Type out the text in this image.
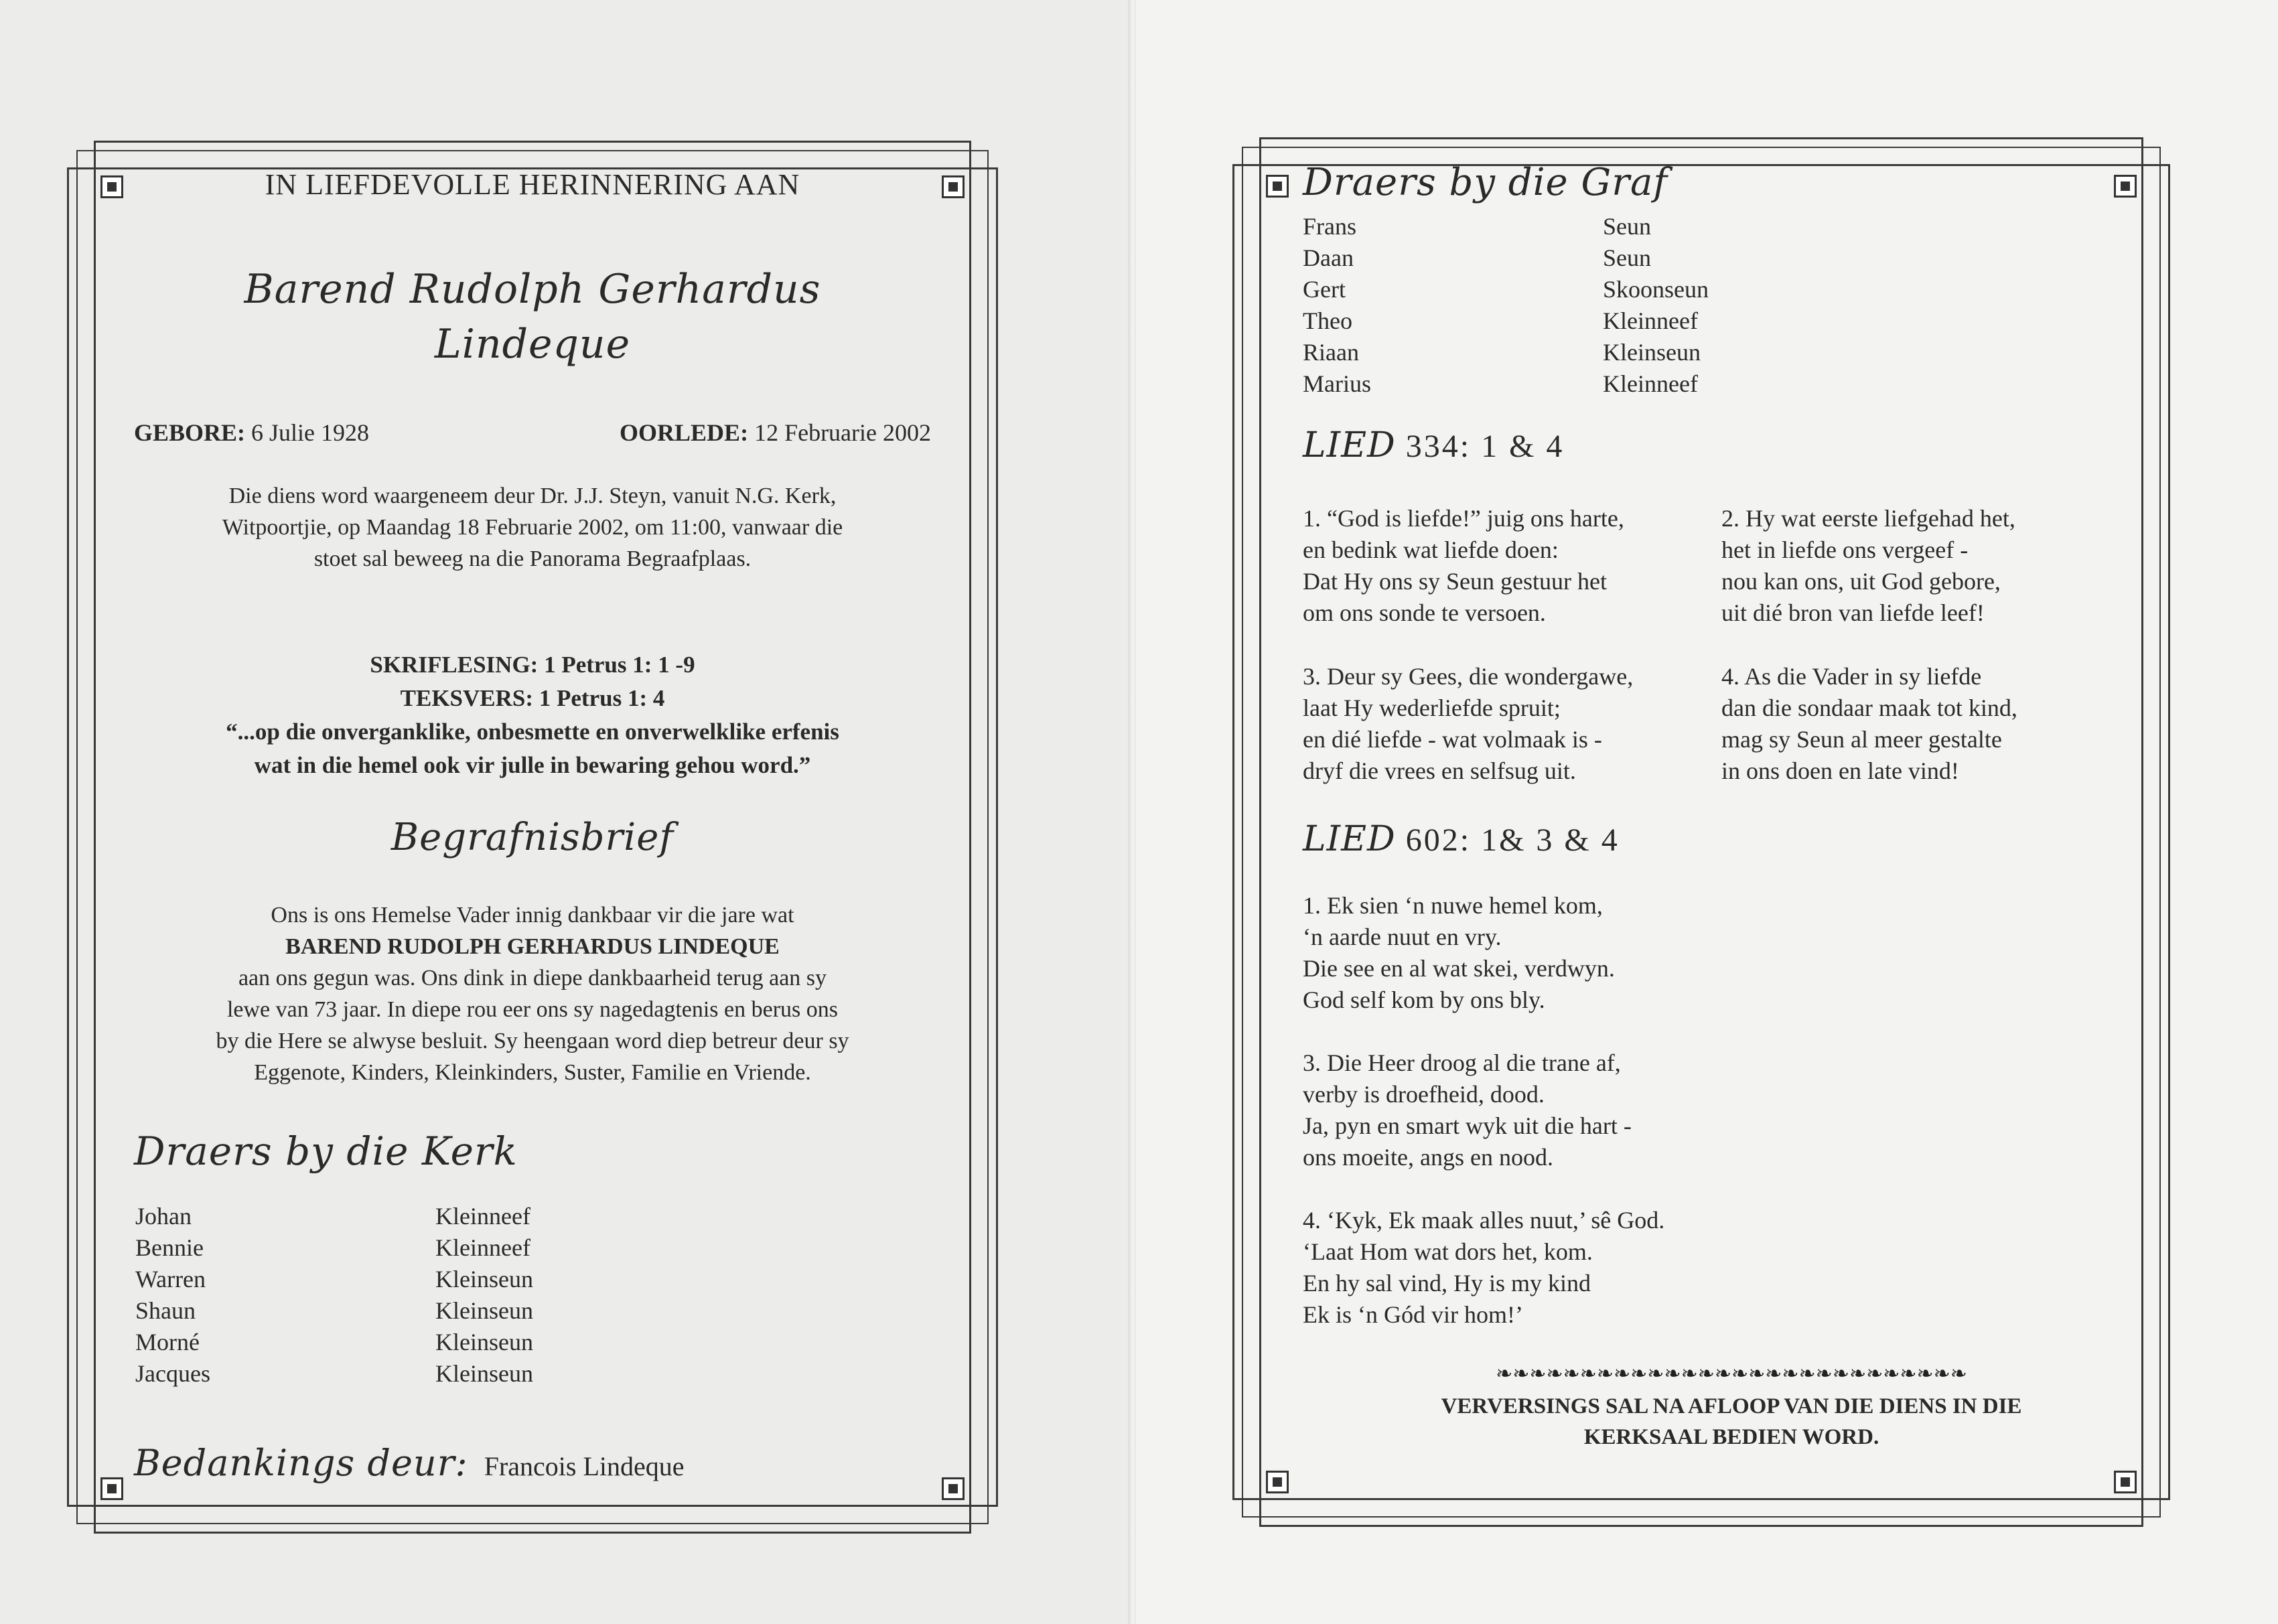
IN LIEFDEVOLLE HERINNERING AAN
Barend Rudolph Gerhardus
Lindeque
GEBORE: 6 Julie 1928	OORLEDE: 12 Februarie 2002
Die diens word waargeneem deur Dr. J.J. Steyn, vanuit N.G. Kerk,
Witpoortjie, op Maandag 18 Februarie 2002, om 11:00, vanwaar die
stoet sal beweeg na die Panorama Begraafplaas.
SKRIFLESING: 1 Petrus 1: 1 -9
TEKSVERS: 1 Petrus 1: 4
“...op die onverganklike, onbesmette en onverwelklike erfenis
wat in die hemel ook vir julle in bewaring gehou word.”
Begrafnisbrief
Ons is ons Hemelse Vader innig dankbaar vir die jare wat
BAREND RUDOLPH GERHARDUS LINDEQUE
aan ons gegun was. Ons dink in diepe dankbaarheid terug aan sy
lewe van 73 jaar. In diepe rou eer ons sy nagedagtenis en berus ons
by die Here se alwyse besluit. Sy heengaan word diep betreur deur sy
Eggenote, Kinders, Kleinkinders, Suster, Familie en Vriende.
Draers by die Kerk
Johan	Kleinneef
Bennie	Kleinneef
Warren	Kleinseun
Shaun	Kleinseun
Morné	Kleinseun
Jacques	Kleinseun
Bedankings deur: Francois Lindeque
Draers by die Graf
Frans	Seun
Daan	Seun
Gert	Skoonseun
Theo	Kleinneef
Riaan	Kleinseun
Marius	Kleinneef
LIED 334: 1 & 4
1. “God is liefde!” juig ons harte,
en bedink wat liefde doen:
Dat Hy ons sy Seun gestuur het
om ons sonde te versoen.
2. Hy wat eerste liefgehad het,
het in liefde ons vergeef -
nou kan ons, uit God gebore,
uit dié bron van liefde leef!
3. Deur sy Gees, die wondergawe,
laat Hy wederliefde spruit;
en dié liefde - wat volmaak is -
dryf die vrees en selfsug uit.
4. As die Vader in sy liefde
dan die sondaar maak tot kind,
mag sy Seun al meer gestalte
in ons doen en late vind!
LIED 602: 1& 3 & 4
1. Ek sien ‘n nuwe hemel kom,
‘n aarde nuut en vry.
Die see en al wat skei, verdwyn.
God self kom by ons bly.
3. Die Heer droog al die trane af,
verby is droefheid, dood.
Ja, pyn en smart wyk uit die hart -
ons moeite, angs en nood.
4. ‘Kyk, Ek maak alles nuut,’ sê God.
‘Laat Hom wat dors het, kom.
En hy sal vind, Hy is my kind
Ek is ‘n Gód vir hom!’
❧❧❧❧❧❧❧❧❧❧❧❧❧❧❧❧❧❧❧❧❧❧❧❧❧❧❧❧
VERVERSINGS SAL NA AFLOOP VAN DIE DIENS IN DIE
KERKSAAL BEDIEN WORD.
